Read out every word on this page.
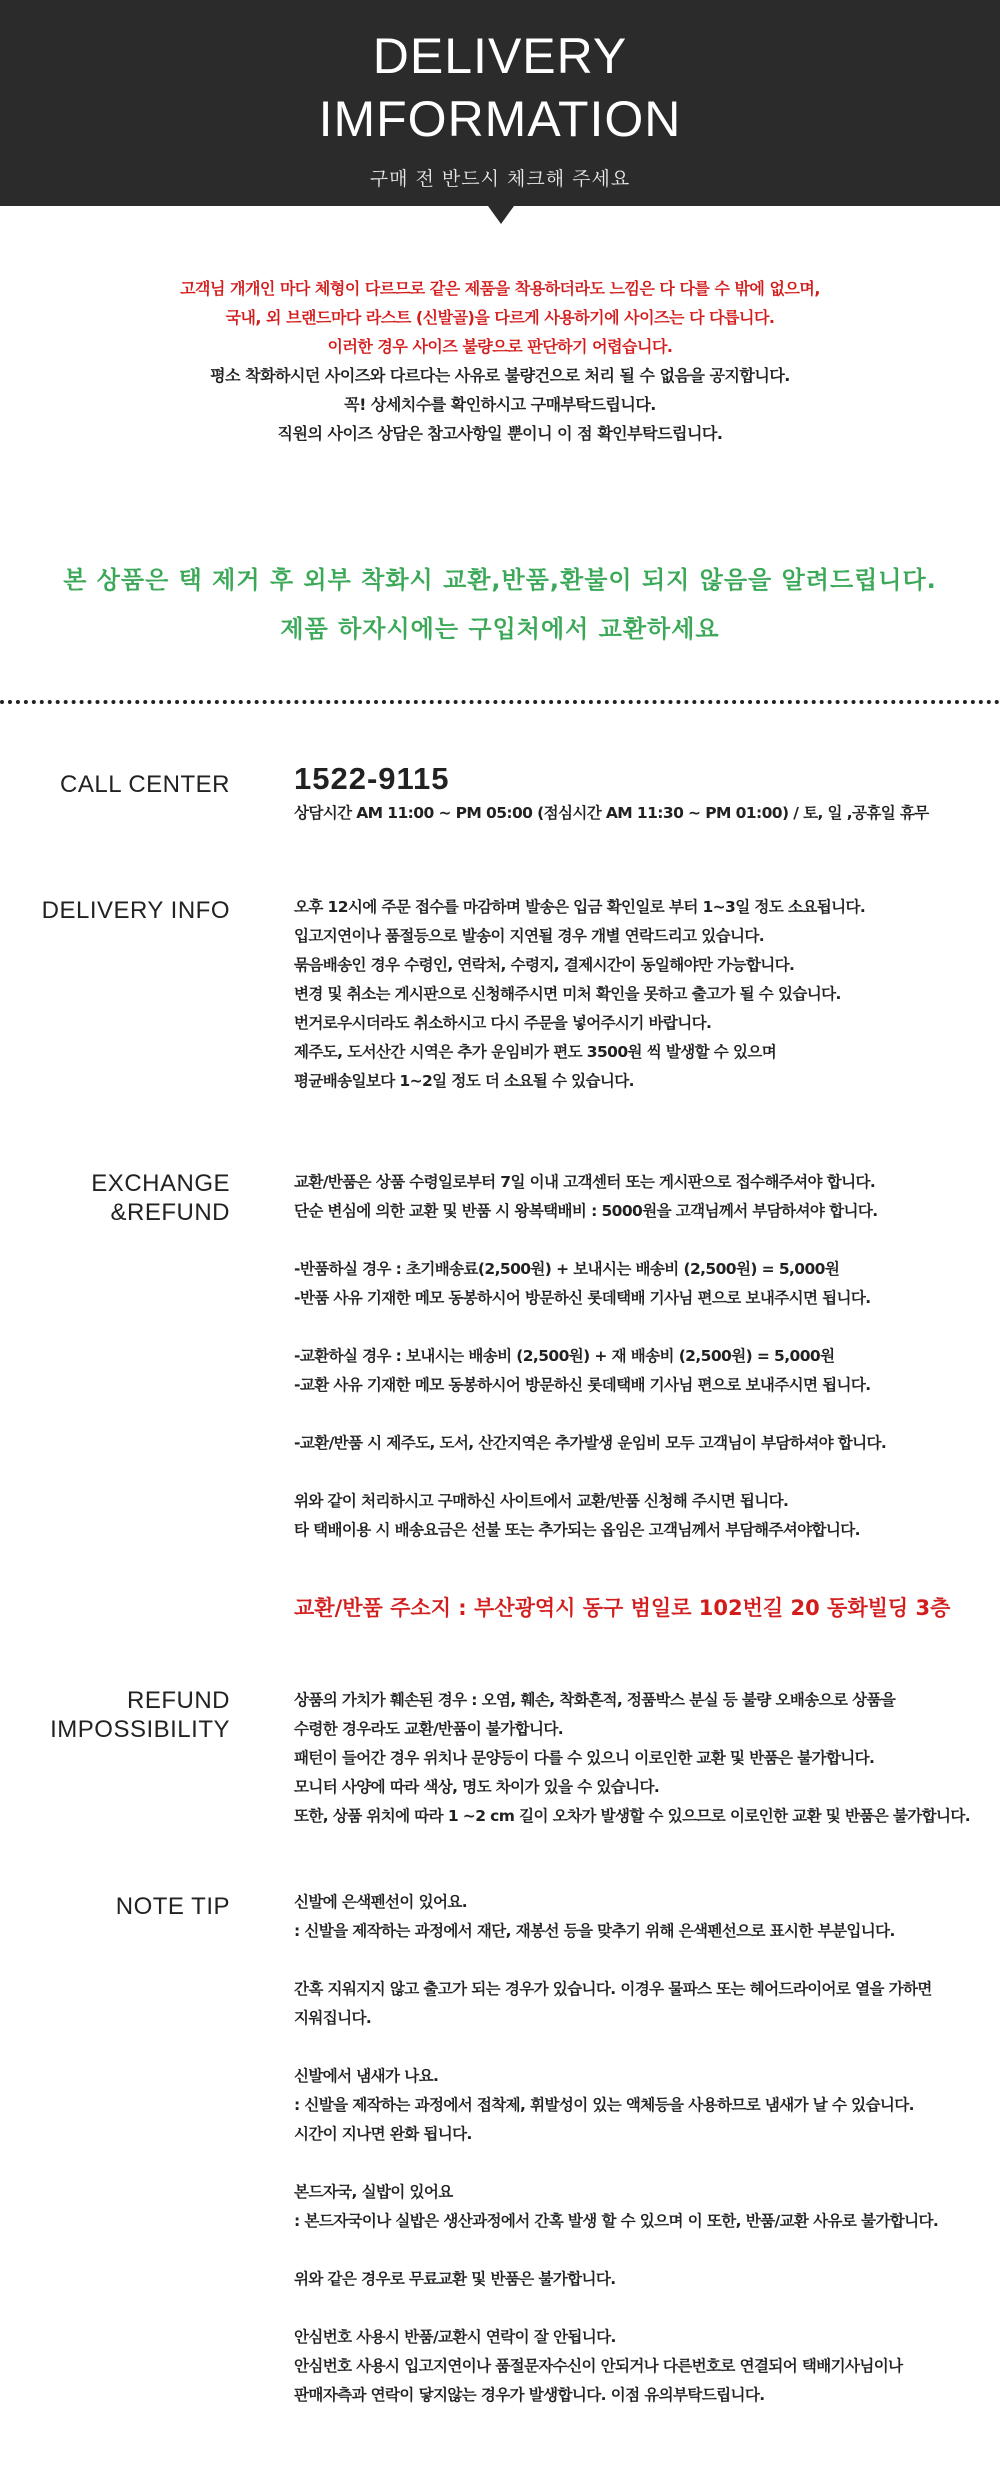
DELIVERY
IMFORMATION
구매 전 반드시 체크해 주세요

고객님 개개인 마다 체형이 다르므로 같은 제품을 착용하더라도 느낌은 다 다를 수 밖에 없으며,

국내, 외 브랜드마다 라스트 (신발골)을 다르게 사용하기에 사이즈는 다 다릅니다.

이러한 경우 사이즈 불량으로 판단하기 어렵습니다.

평소 착화하시던 사이즈와 다르다는 사유로 불량건으로 처리 될 수 없음을 공지합니다.

꼭! 상세치수를 확인하시고 구매부탁드립니다.

직원의 사이즈 상담은 참고사항일 뿐이니 이 점 확인부탁드립니다.

본 상품은 택 제거 후 외부 착화시 교환,반품,환불이 되지 않음을 알려드립니다.

제품 하자시에는 구입처에서 교환하세요

CALL CENTER 1522-9115

상담시간 AM 11:00 ~ PM 05:00 (점심시간 AM 11:30 ~ PM 01:00) / 토, 일 ,공휴일 휴무

DELIVERY INFO	오후 12시에 주문 접수를 마감하며 발송은 입금 확인일로 부터 1~3일 정도 소요됩니다.

입고지연이나 품절등으로 발송이 지연될 경우 개별 연락드리고 있습니다.

묶음배송인 경우 수령인, 연락처, 수령지, 결제시간이 동일해야만 가능합니다.

변경 및 취소는 게시판으로 신청해주시면 미처 확인을 못하고 출고가 될 수 있습니다.

번거로우시더라도 취소하시고 다시 주문을 넣어주시기 바랍니다.

제주도, 도서산간 시역은 추가 운임비가 편도 3500원 씩 발생할 수 있으며

평균배송일보다 1~2일 정도 더 소요될 수 있습니다.

EXCHANGE
&REFUND

교환/반품은 상품 수령일로부터 7일 이내 고객센터 또는 게시판으로 접수해주셔야 합니다.

단순 변심에 의한 교환 및 반품 시 왕복택배비 : 5000원을 고객님께서 부담하셔야 합니다.

-반품하실 경우 : 초기배송료(2,500원) + 보내시는 배송비 (2,500원) = 5,000원

-반품 사유 기재한 메모 동봉하시어 방문하신 롯데택배 기사님 편으로 보내주시면 됩니다.

-교환하실 경우 : 보내시는 배송비 (2,500원) + 재 배송비 (2,500원) = 5,000원

-교환 사유 기재한 메모 동봉하시어 방문하신 롯데택배 기사님 편으로 보내주시면 됩니다.

-교환/반품 시 제주도, 도서, 산간지역은 추가발생 운임비 모두 고객님이 부담하셔야 합니다.

위와 같이 처리하시고 구매하신 사이트에서 교환/반품 신청해 주시면 됩니다.

타 택배이용 시 배송요금은 선불 또는 추가되는 옵임은 고객님께서 부담해주셔야합니다.

교환/반품 주소지 : 부산광역시 동구 범일로 102번길 20 동화빌딩 3층

REFUND
IMPOSSIBILITY

상품의 가치가 훼손된 경우 : 오염, 훼손, 착화흔적, 정품박스 분실 등 불량 오배송으로 상품을

수령한 경우라도 교환/반품이 불가합니다.

패턴이 들어간 경우 위치나 문양등이 다를 수 있으니 이로인한 교환 및 반품은 불가합니다.

모니터 사양에 따라 색상, 명도 차이가 있을 수 있습니다.

또한, 상품 위치에 따라 1 ~2 cm 길이 오차가 발생할 수 있으므로 이로인한 교환 및 반품은 불가합니다.

NOTE TIP	신발에 은색펜선이 있어요.

: 신발을 제작하는 과정에서 재단, 재봉선 등을 맞추기 위해 은색펜선으로 표시한 부분입니다.

간혹 지워지지 않고 출고가 되는 경우가 있습니다. 이경우 물파스 또는 헤어드라이어로 열을 가하면

지워집니다.

신발에서 냄새가 나요.

: 신발을 제작하는 과정에서 접착제, 휘발성이 있는 액체등을 사용하므로 냄새가 날 수 있습니다.

시간이 지나면 완화 됩니다.

본드자국, 실밥이 있어요

: 본드자국이나 실밥은 생산과정에서 간혹 발생 할 수 있으며 이 또한, 반품/교환 사유로 불가합니다.

위와 같은 경우로 무료교환 및 반품은 불가합니다.

안심번호 사용시 반품/교환시 연락이 잘 안됩니다.

안심번호 사용시 입고지연이나 품절문자수신이 안되거나 다른번호로 연결되어 택배기사님이나

판매자측과 연락이 닿지않는 경우가 발생합니다. 이점 유의부탁드립니다.
